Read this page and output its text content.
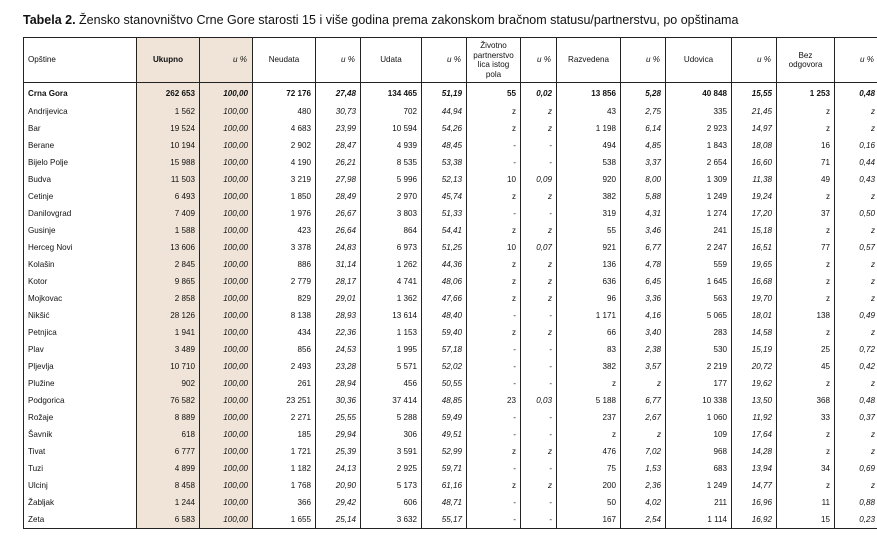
Tabela 2. Žensko stanovništvo Crne Gore starosti 15 i više godina prema zakonskom bračnom statusu/partnerstvu, po opštinama
Opštine	Ukupno	u %	Neudata	u %	Udata	u %	Životno
partnerstvo
lica istog
pola	u %	Razvedena	u %	Udovica	u %	Bez
odgovora	u %
Crna Gora	262 653	100,00	72 176	27,48	134 465	51,19	55	0,02	13 856	5,28	40 848	15,55	1 253	0,48
Andrijevica	1 562	100,00	480	30,73	702	44,94	z	z	43	2,75	335	21,45	z	z
Bar	19 524	100,00	4 683	23,99	10 594	54,26	z	z	1 198	6,14	2 923	14,97	z	z
Berane	10 194	100,00	2 902	28,47	4 939	48,45	-	-	494	4,85	1 843	18,08	16	0,16
Bijelo Polje	15 988	100,00	4 190	26,21	8 535	53,38	-	-	538	3,37	2 654	16,60	71	0,44
Budva	11 503	100,00	3 219	27,98	5 996	52,13	10	0,09	920	8,00	1 309	11,38	49	0,43
Cetinje	6 493	100,00	1 850	28,49	2 970	45,74	z	z	382	5,88	1 249	19,24	z	z
Danilovgrad	7 409	100,00	1 976	26,67	3 803	51,33	-	-	319	4,31	1 274	17,20	37	0,50
Gusinje	1 588	100,00	423	26,64	864	54,41	z	z	55	3,46	241	15,18	z	z
Herceg Novi	13 606	100,00	3 378	24,83	6 973	51,25	10	0,07	921	6,77	2 247	16,51	77	0,57
Kolašin	2 845	100,00	886	31,14	1 262	44,36	z	z	136	4,78	559	19,65	z	z
Kotor	9 865	100,00	2 779	28,17	4 741	48,06	z	z	636	6,45	1 645	16,68	z	z
Mojkovac	2 858	100,00	829	29,01	1 362	47,66	z	z	96	3,36	563	19,70	z	z
Nikšić	28 126	100,00	8 138	28,93	13 614	48,40	-	-	1 171	4,16	5 065	18,01	138	0,49
Petnjica	1 941	100,00	434	22,36	1 153	59,40	z	z	66	3,40	283	14,58	z	z
Plav	3 489	100,00	856	24,53	1 995	57,18	-	-	83	2,38	530	15,19	25	0,72
Pljevlja	10 710	100,00	2 493	23,28	5 571	52,02	-	-	382	3,57	2 219	20,72	45	0,42
Plužine	902	100,00	261	28,94	456	50,55	-	-	z	z	177	19,62	z	z
Podgorica	76 582	100,00	23 251	30,36	37 414	48,85	23	0,03	5 188	6,77	10 338	13,50	368	0,48
Rožaje	8 889	100,00	2 271	25,55	5 288	59,49	-	-	237	2,67	1 060	11,92	33	0,37
Šavnik	618	100,00	185	29,94	306	49,51	-	-	z	z	109	17,64	z	z
Tivat	6 777	100,00	1 721	25,39	3 591	52,99	z	z	476	7,02	968	14,28	z	z
Tuzi	4 899	100,00	1 182	24,13	2 925	59,71	-	-	75	1,53	683	13,94	34	0,69
Ulcinj	8 458	100,00	1 768	20,90	5 173	61,16	z	z	200	2,36	1 249	14,77	z	z
Žabljak	1 244	100,00	366	29,42	606	48,71	-	-	50	4,02	211	16,96	11	0,88
Zeta	6 583	100,00	1 655	25,14	3 632	55,17	-	-	167	2,54	1 114	16,92	15	0,23
